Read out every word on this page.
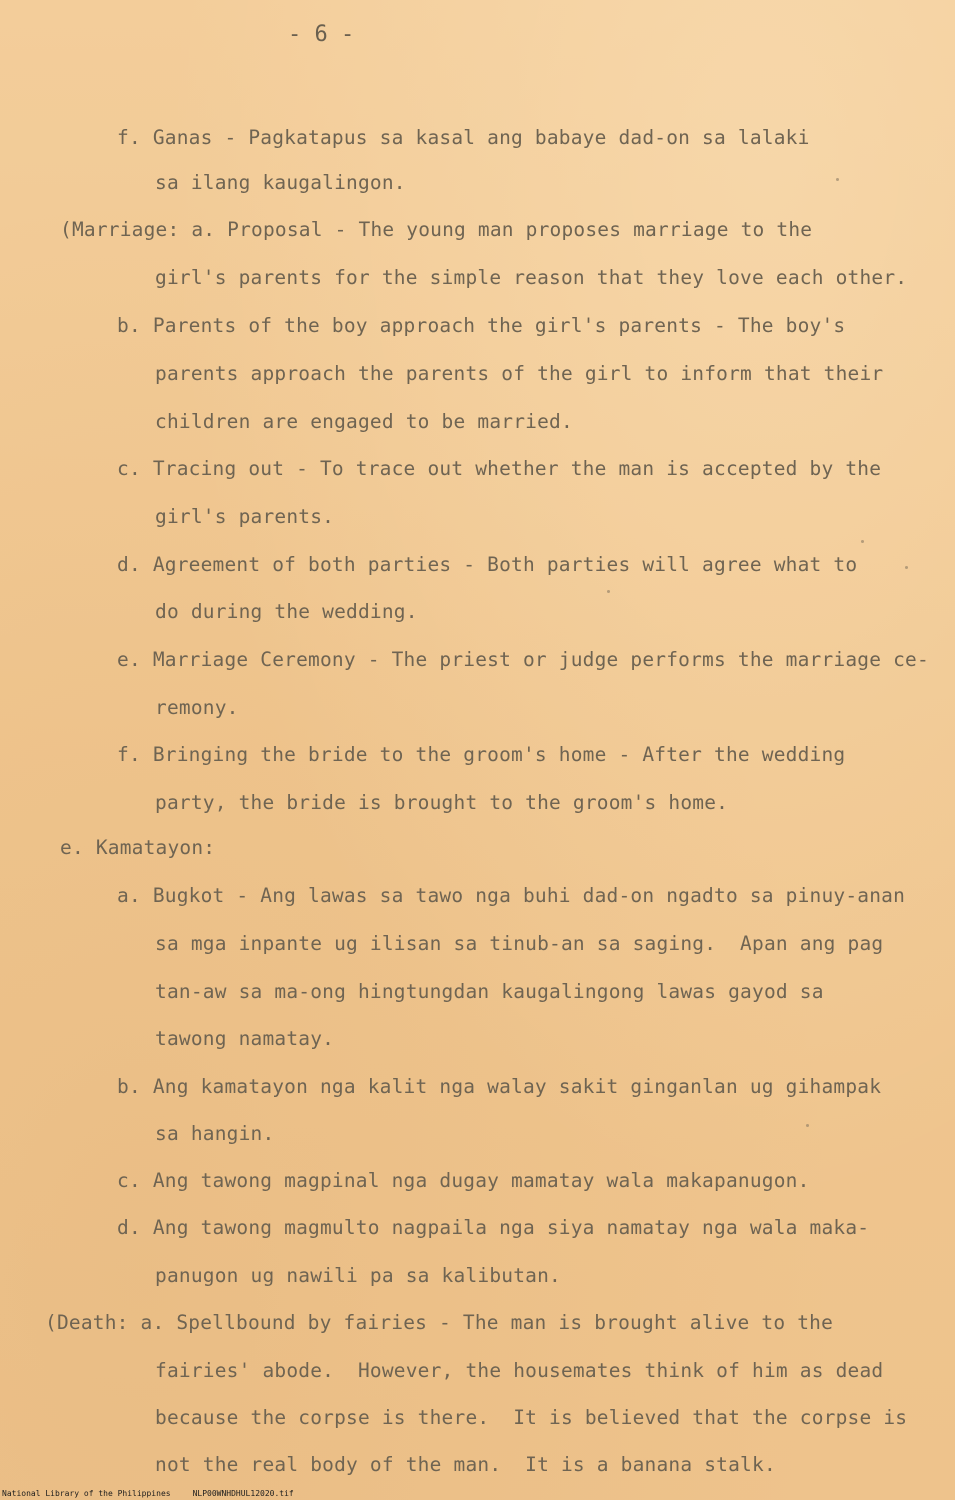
- 6 -
f. Ganas - Pagkatapus sa kasal ang babaye dad-on sa lalaki
sa ilang kaugalingon.
(Marriage: a. Proposal - The young man proposes marriage to the
girl's parents for the simple reason that they love each other.
b. Parents of the boy approach the girl's parents - The boy's
parents approach the parents of the girl to inform that their
children are engaged to be married.
c. Tracing out - To trace out whether the man is accepted by the
girl's parents.
d. Agreement of both parties - Both parties will agree what to
do during the wedding.
e. Marriage Ceremony - The priest or judge performs the marriage ce-
remony.
f. Bringing the bride to the groom's home - After the wedding
party, the bride is brought to the groom's home.
e. Kamatayon:
a. Bugkot - Ang lawas sa tawo nga buhi dad-on ngadto sa pinuy-anan
sa mga inpante ug ilisan sa tinub-an sa saging.  Apan ang pag
tan-aw sa ma-ong hingtungdan kaugalingong lawas gayod sa
tawong namatay.
b. Ang kamatayon nga kalit nga walay sakit ginganlan ug gihampak
sa hangin.
c. Ang tawong magpinal nga dugay mamatay wala makapanugon.
d. Ang tawong magmulto nagpaila nga siya namatay nga wala maka-
panugon ug nawili pa sa kalibutan.
(Death: a. Spellbound by fairies - The man is brought alive to the
fairies' abode.  However, the housemates think of him as dead
because the corpse is there.  It is believed that the corpse is
not the real body of the man.  It is a banana stalk.
National Library of the Philippines	NLP00WNHDHUL12020.tif
